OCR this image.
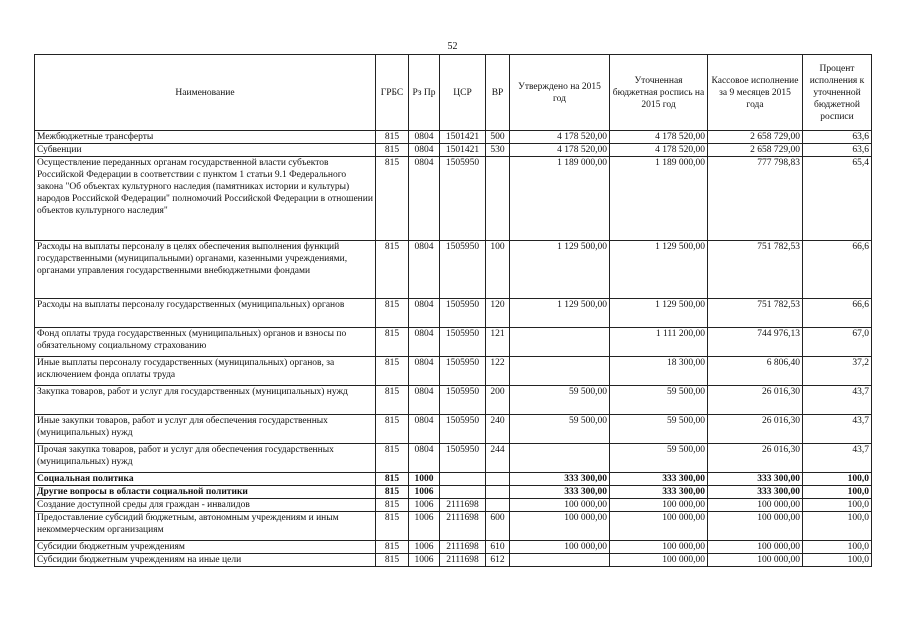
52
Наименование	ГРБС	Рз Пр	ЦСР	ВР	Утверждено на 2015 год	Уточненная бюджетная роспись на 2015 год	Кассовое исполнение за 9 месяцев 2015 года	Процент исполнения к уточненной бюджетной росписи
Межбюджетные трансферты	815	0804	1501421	500	4 178 520,00	4 178 520,00	2 658 729,00	63,6
Субвенции	815	0804	1501421	530	4 178 520,00	4 178 520,00	2 658 729,00	63,6
Осуществление переданных органам государственной власти субъектов Российской Федерации в соответствии с пунктом 1 статьи 9.1 Федерального закона "Об объектах культурного наследия (памятниках истории и культуры) народов Российской Федерации" полномочий Российской Федерации в отношении объектов культурного наследия"	815	0804	1505950		1 189 000,00	1 189 000,00	777 798,83	65,4
Расходы на выплаты персоналу в целях обеспечения выполнения функций государственными (муниципальными) органами, казенными учреждениями, органами управления государственными внебюджетными фондами	815	0804	1505950	100	1 129 500,00	1 129 500,00	751 782,53	66,6
Расходы на выплаты персоналу государственных (муниципальных) органов	815	0804	1505950	120	1 129 500,00	1 129 500,00	751 782,53	66,6
Фонд оплаты труда государственных (муниципальных) органов и взносы по обязательному социальному страхованию	815	0804	1505950	121		1 111 200,00	744 976,13	67,0
Иные выплаты персоналу государственных (муниципальных) органов, за исключением фонда оплаты труда	815	0804	1505950	122		18 300,00	6 806,40	37,2
Закупка товаров, работ и услуг для государственных (муниципальных) нужд	815	0804	1505950	200	59 500,00	59 500,00	26 016,30	43,7
Иные закупки товаров, работ и услуг для обеспечения государственных (муниципальных) нужд	815	0804	1505950	240	59 500,00	59 500,00	26 016,30	43,7
Прочая закупка товаров, работ и услуг для обеспечения государственных (муниципальных) нужд	815	0804	1505950	244		59 500,00	26 016,30	43,7
Социальная политика	815	1000			333 300,00	333 300,00	333 300,00	100,0
Другие вопросы в области социальной политики	815	1006			333 300,00	333 300,00	333 300,00	100,0
Создание доступной среды для граждан - инвалидов	815	1006	2111698		100 000,00	100 000,00	100 000,00	100,0
Предоставление субсидий бюджетным, автономным учреждениям и иным некоммерческим организациям	815	1006	2111698	600	100 000,00	100 000,00	100 000,00	100,0
Субсидии бюджетным учреждениям	815	1006	2111698	610	100 000,00	100 000,00	100 000,00	100,0
Субсидии бюджетным учреждениям на иные цели	815	1006	2111698	612		100 000,00	100 000,00	100,0
